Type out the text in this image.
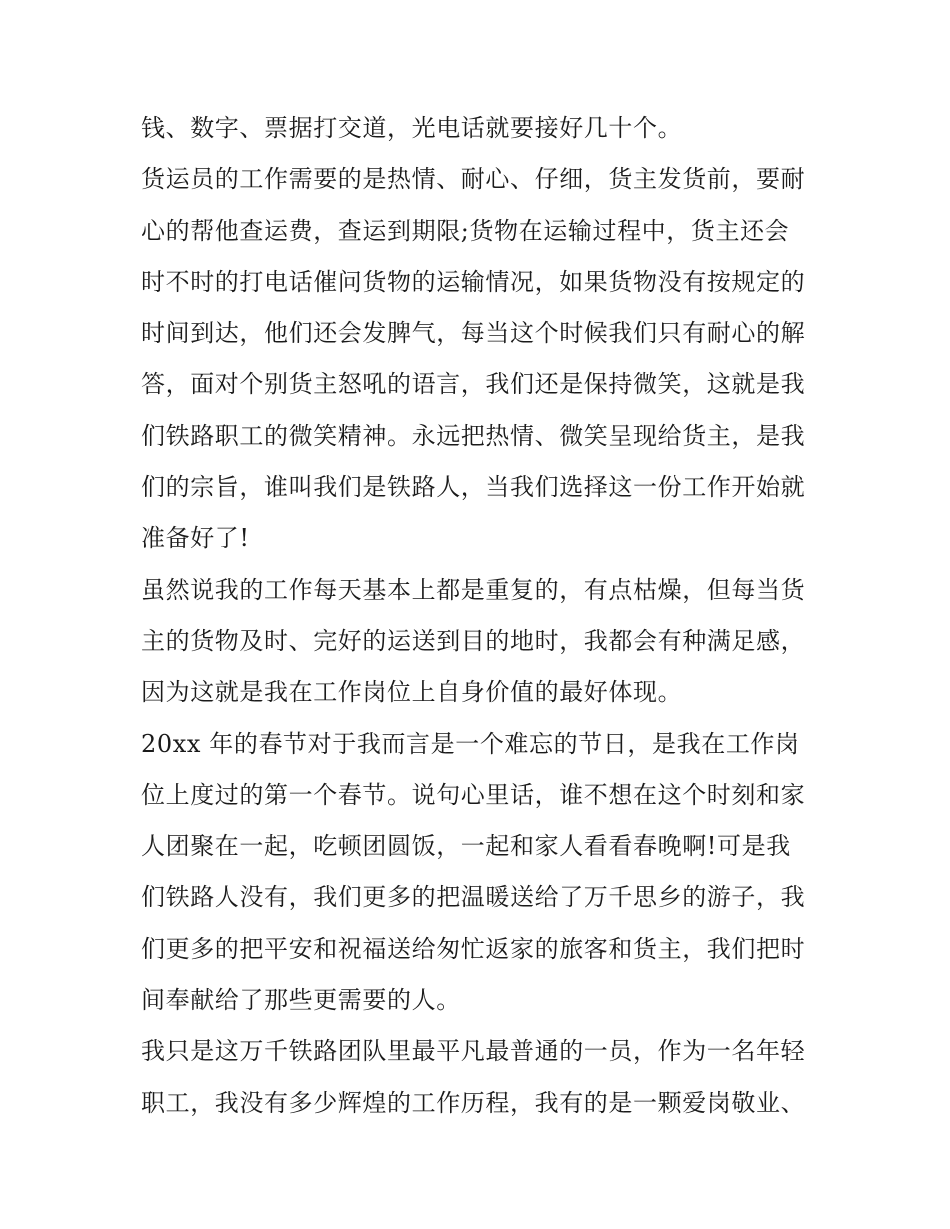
钱、数字、票据打交道，光电话就要接好几十个。
货运员的工作需要的是热情、耐心、仔细，货主发货前，要耐
心的帮他查运费，查运到期限;货物在运输过程中，货主还会
时不时的打电话催问货物的运输情况，如果货物没有按规定的
时间到达，他们还会发脾气，每当这个时候我们只有耐心的解
答，面对个别货主怒吼的语言，我们还是保持微笑，这就是我
们铁路职工的微笑精神。永远把热情、微笑呈现给货主，是我
们的宗旨，谁叫我们是铁路人，当我们选择这一份工作开始就
准备好了!
虽然说我的工作每天基本上都是重复的，有点枯燥，但每当货
主的货物及时、完好的运送到目的地时，我都会有种满足感，
因为这就是我在工作岗位上自身价值的最好体现。
20xx 年的春节对于我而言是一个难忘的节日，是我在工作岗
位上度过的第一个春节。说句心里话，谁不想在这个时刻和家
人团聚在一起，吃顿团圆饭，一起和家人看看春晚啊!可是我
们铁路人没有，我们更多的把温暖送给了万千思乡的游子，我
们更多的把平安和祝福送给匆忙返家的旅客和货主，我们把时
间奉献给了那些更需要的人。
我只是这万千铁路团队里最平凡最普通的一员，作为一名年轻
职工，我没有多少辉煌的工作历程，我有的是一颗爱岗敬业、
